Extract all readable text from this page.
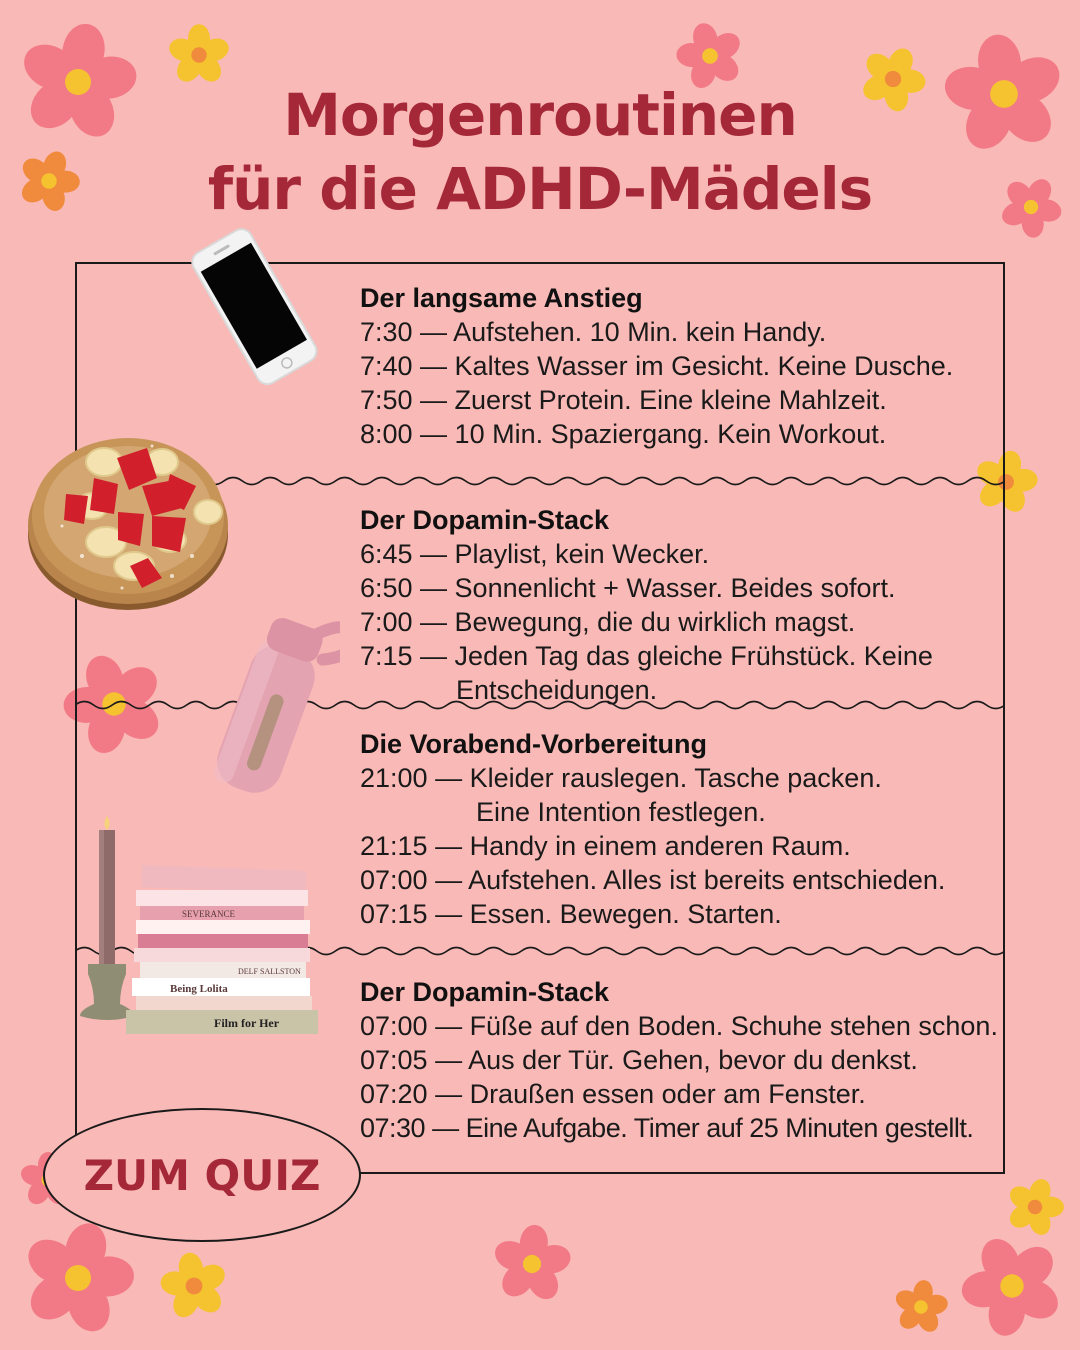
Morgenroutinen
für die ADHD-Mädels
Der langsame Anstieg
7:30 — Aufstehen. 10 Min. kein Handy.
7:40 — Kaltes Wasser im Gesicht. Keine Dusche.
7:50 — Zuerst Protein. Eine kleine Mahlzeit.
8:00 — 10 Min. Spaziergang. Kein Workout.
Der Dopamin-Stack
6:45 — Playlist, kein Wecker.
6:50 — Sonnenlicht + Wasser. Beides sofort.
7:00 — Bewegung, die du wirklich magst.
7:15 — Jeden Tag das gleiche Frühstück. Keine
Entscheidungen.
Die Vorabend-Vorbereitung
21:00 — Kleider rauslegen. Tasche packen.
Eine Intention festlegen.
21:15 — Handy in einem anderen Raum.
07:00 — Aufstehen. Alles ist bereits entschieden.
07:15 — Essen. Bewegen. Starten.
Der Dopamin-Stack
07:00 — Füße auf den Boden. Schuhe stehen schon.
07:05 — Aus der Tür. Gehen, bevor du denkst.
07:20 — Draußen essen oder am Fenster.
07:30 — Eine Aufgabe. Timer auf 25 Minuten gestellt.
SEVERANCE
DELF SALLSTON
Being Lolita
Film for Her
ZUM QUIZ
